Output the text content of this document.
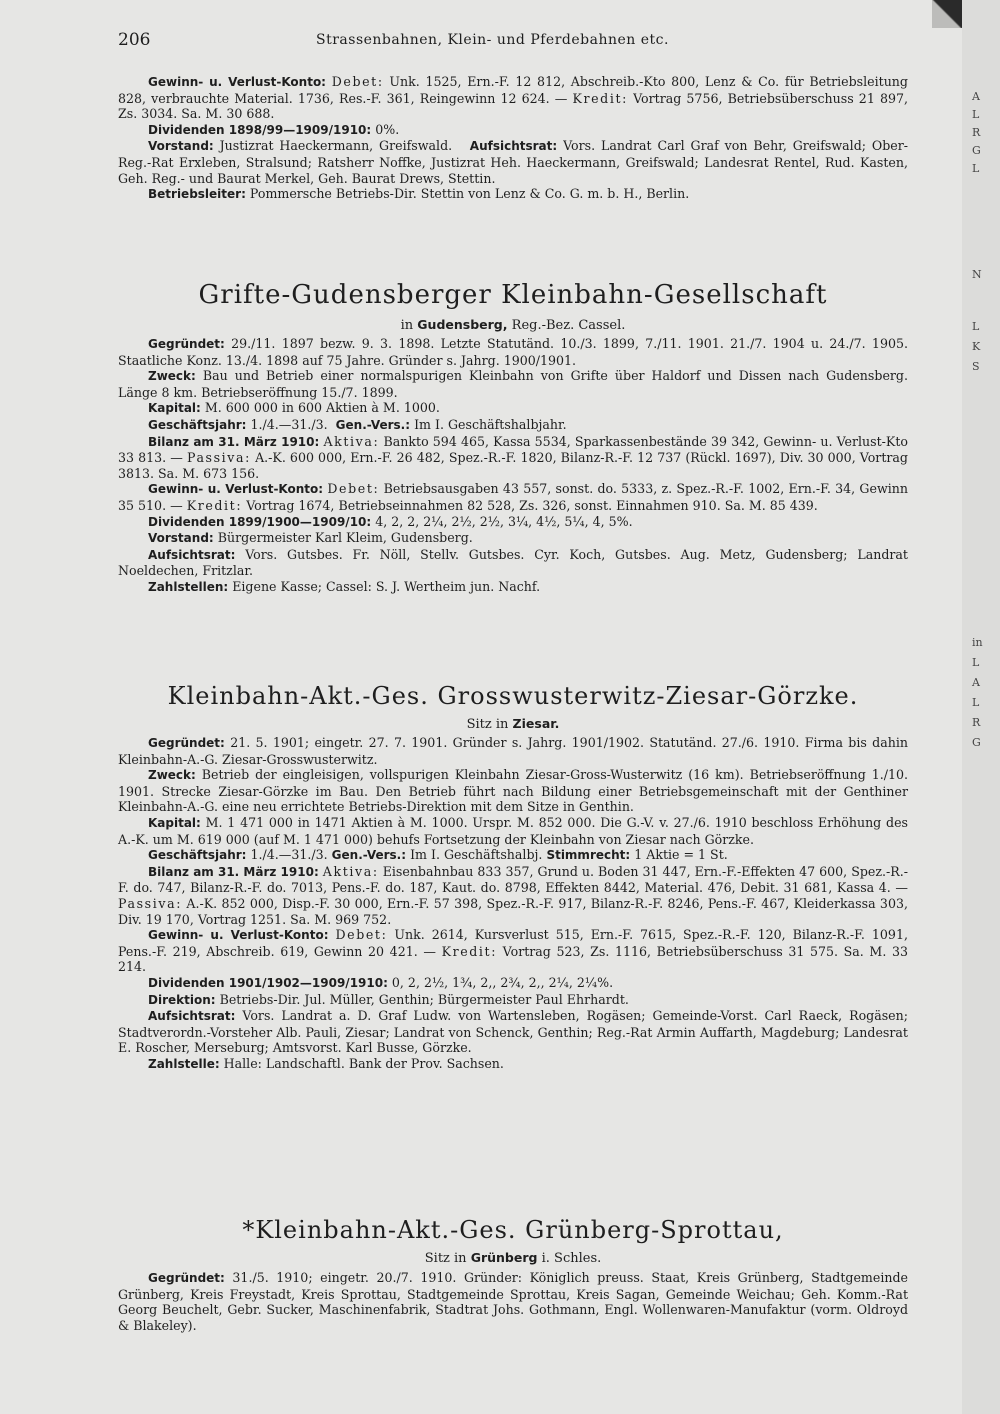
206	Strassenbahnen, Klein- und Pferdebahnen etc.

Gewinn- u. Verlust-Konto: Debet: Unk. 1525, Ern.-F. 12 812, Abschreib.-Kto 800, Lenz & Co. für Betriebsleitung 828, verbrauchte Material. 1736, Res.-F. 361, Reingewinn 12 624. — Kredit: Vortrag 5756, Betriebsüberschuss 21 897, Zs. 3034. Sa. M. 30 688.

Dividenden 1898/99—1909/1910: 0%.

Vorstand: Justizrat Haeckermann, Greifswald. Aufsichtsrat: Vors. Landrat Carl Graf von Behr, Greifswald; Ober-Reg.-Rat Erxleben, Stralsund; Ratsherr Noffke, Justizrat Heh. Haeckermann, Greifswald; Landesrat Rentel, Rud. Kasten, Geh. Reg.- und Baurat Merkel, Geh. Baurat Drews, Stettin.

Betriebsleiter: Pommersche Betriebs-Dir. Stettin von Lenz & Co. G. m. b. H., Berlin.

Grifte-Gudensberger Kleinbahn-Gesellschaft
in Gudensberg, Reg.-Bez. Cassel.

Gegründet: 29./11. 1897 bezw. 9. 3. 1898. Letzte Statutänd. 10./3. 1899, 7./11. 1901. 21./7. 1904 u. 24./7. 1905. Staatliche Konz. 13./4. 1898 auf 75 Jahre. Gründer s. Jahrg. 1900/1901.

Zweck: Bau und Betrieb einer normalspurigen Kleinbahn von Grifte über Haldorf und Dissen nach Gudensberg. Länge 8 km. Betriebseröffnung 15./7. 1899.

Kapital: M. 600 000 in 600 Aktien à M. 1000.

Geschäftsjahr: 1./4.—31./3. Gen.-Vers.: Im I. Geschäftshalbjahr.

Bilanz am 31. März 1910: Aktiva: Bankto 594 465, Kassa 5534, Sparkassenbestände 39 342, Gewinn- u. Verlust-Kto 33 813. — Passiva: A.-K. 600 000, Ern.-F. 26 482, Spez.-R.-F. 1820, Bilanz-R.-F. 12 737 (Rückl. 1697), Div. 30 000, Vortrag 3813. Sa. M. 673 156.

Gewinn- u. Verlust-Konto: Debet: Betriebsausgaben 43 557, sonst. do. 5333, z. Spez.-R.-F. 1002, Ern.-F. 34, Gewinn 35 510. — Kredit: Vortrag 1674, Betriebseinnahmen 82 528, Zs. 326, sonst. Einnahmen 910. Sa. M. 85 439.

Dividenden 1899/1900—1909/10: 4, 2, 2, 2¼, 2½, 2½, 3¼, 4½, 5¼, 4, 5%.

Vorstand: Bürgermeister Karl Kleim, Gudensberg.

Aufsichtsrat: Vors. Gutsbes. Fr. Nöll, Stellv. Gutsbes. Cyr. Koch, Gutsbes. Aug. Metz, Gudensberg; Landrat Noeldechen, Fritzlar.

Zahlstellen: Eigene Kasse; Cassel: S. J. Wertheim jun. Nachf.

Kleinbahn-Akt.-Ges. Grosswusterwitz-Ziesar-Görzke.
Sitz in Ziesar.

Gegründet: 21. 5. 1901; eingetr. 27. 7. 1901. Gründer s. Jahrg. 1901/1902. Statutänd. 27./6. 1910. Firma bis dahin Kleinbahn-A.-G. Ziesar-Grosswusterwitz.

Zweck: Betrieb der eingleisigen, vollspurigen Kleinbahn Ziesar-Gross-Wusterwitz (16 km). Betriebseröffnung 1./10. 1901. Strecke Ziesar-Görzke im Bau. Den Betrieb führt nach Bildung einer Betriebsgemeinschaft mit der Genthiner Kleinbahn-A.-G. eine neu errichtete Betriebs-Direktion mit dem Sitze in Genthin.

Kapital: M. 1 471 000 in 1471 Aktien à M. 1000. Urspr. M. 852 000. Die G.-V. v. 27./6. 1910 beschloss Erhöhung des A.-K. um M. 619 000 (auf M. 1 471 000) behufs Fortsetzung der Kleinbahn von Ziesar nach Görzke.

Geschäftsjahr: 1./4.—31./3. Gen.-Vers.: Im I. Geschäftshalbj. Stimmrecht: 1 Aktie = 1 St.

Bilanz am 31. März 1910: Aktiva: Eisenbahnbau 833 357, Grund u. Boden 31 447, Ern.-F.-Effekten 47 600, Spez.-R.-F. do. 747, Bilanz-R.-F. do. 7013, Pens.-F. do. 187, Kaut. do. 8798, Effekten 8442, Material. 476, Debit. 31 681, Kassa 4. — Passiva: A.-K. 852 000, Disp.-F. 30 000, Ern.-F. 57 398, Spez.-R.-F. 917, Bilanz-R.-F. 8246, Pens.-F. 467, Kleiderkassa 303, Div. 19 170, Vortrag 1251. Sa. M. 969 752.

Gewinn- u. Verlust-Konto: Debet: Unk. 2614, Kursverlust 515, Ern.-F. 7615, Spez.-R.-F. 120, Bilanz-R.-F. 1091, Pens.-F. 219, Abschreib. 619, Gewinn 20 421. — Kredit: Vortrag 523, Zs. 1116, Betriebsüberschuss 31 575. Sa. M. 33 214.

Dividenden 1901/1902—1909/1910: 0, 2, 2½, 1¾, 2,, 2¾, 2,, 2¼, 2¼%.

Direktion: Betriebs-Dir. Jul. Müller, Genthin; Bürgermeister Paul Ehrhardt.

Aufsichtsrat: Vors. Landrat a. D. Graf Ludw. von Wartensleben, Rogäsen; Gemeinde-Vorst. Carl Raeck, Rogäsen; Stadtverordn.-Vorsteher Alb. Pauli, Ziesar; Landrat von Schenck, Genthin; Reg.-Rat Armin Auffarth, Magdeburg; Landesrat E. Roscher, Merseburg; Amtsvorst. Karl Busse, Görzke.

Zahlstelle: Halle: Landschaftl. Bank der Prov. Sachsen.

*Kleinbahn-Akt.-Ges. Grünberg-Sprottau,
Sitz in Grünberg i. Schles.

Gegründet: 31./5. 1910; eingetr. 20./7. 1910. Gründer: Königlich preuss. Staat, Kreis Grünberg, Stadtgemeinde Grünberg, Kreis Freystadt, Kreis Sprottau, Stadtgemeinde Sprottau, Kreis Sagan, Gemeinde Weichau; Geh. Komm.-Rat Georg Beuchelt, Gebr. Sucker, Maschinenfabrik, Stadtrat Johs. Gothmann, Engl. Wollenwaren-Manufaktur (vorm. Oldroyd & Blakeley).

A
L
R
G
L
N
L
K
S
in
L
A
L
R
G
